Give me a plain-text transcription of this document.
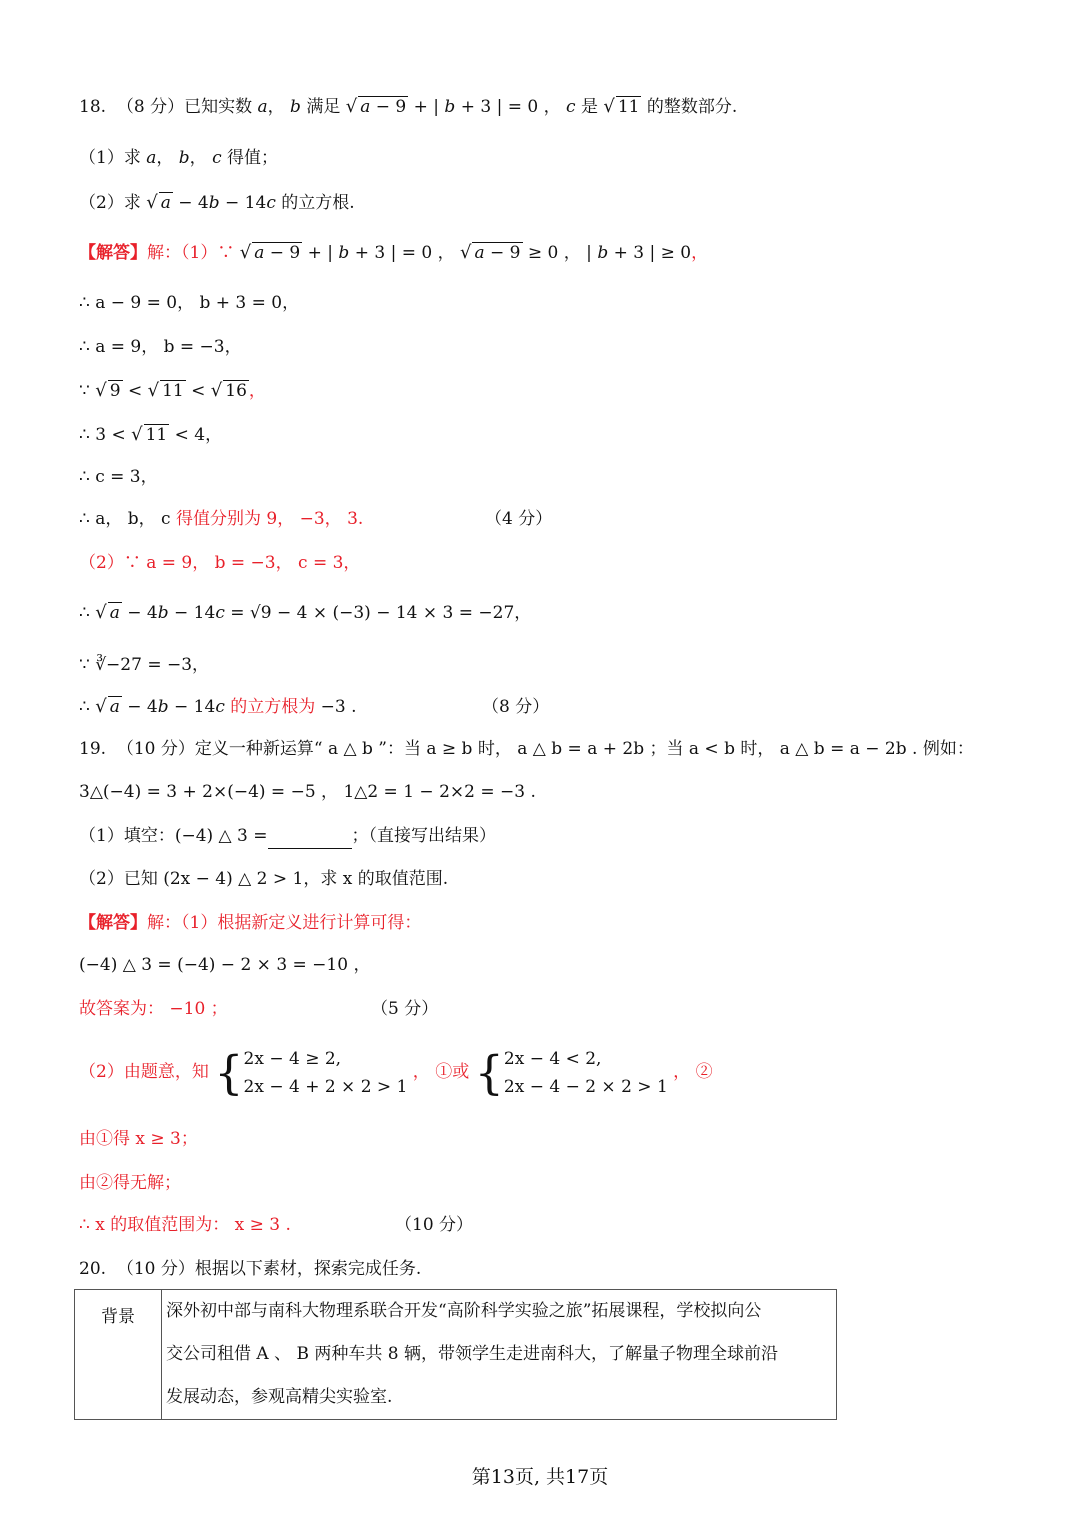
18.  （8 分）已知实数 a， b 满足 √ a − 9 + | b + 3 | = 0 ， c 是 √ 11 的整数部分.
（1）求 a， b， c 得值；
（2）求 √ a − 4b − 14c 的立方根.
【解答】解：（1）∵ √ a − 9 + | b + 3 | = 0 ， √ a − 9 ≥ 0 ， | b + 3 | ≥ 0，
∴ a − 9 = 0， b + 3 = 0，
∴ a = 9， b = −3，
∵ √ 9 < √ 11 < √ 16 ，
∴ 3 < √ 11 < 4，
∴ c = 3，
∴ a， b， c 得值分别为 9， −3， 3.	（4 分）
（2）∵ a = 9， b = −3， c = 3，
∴ √ a − 4b − 14c = √9 − 4 × (−3) − 14 × 3 = −27，
∵ ∛−27 = −3，
∴ √ a − 4b − 14c 的立方根为 −3 .	（8 分）
19.  （10 分）定义一种新运算“ a △ b ”：当 a ≥ b 时， a △ b = a + 2b ；当 a < b 时， a △ b = a − 2b . 例如：
3△(−4) = 3 + 2×(−4) = −5 ， 1△2 = 1 − 2×2 = −3 .
（1）填空：(−4) △ 3 =	；（直接写出结果）
（2）已知 (2x − 4) △ 2 > 1，求 x 的取值范围.
【解答】解：（1）根据新定义进行计算可得：
(−4) △ 3 = (−4) − 2 × 3 = −10 ，
故答案为： −10 ；	（5 分）
（2）由题意，知 {2x − 4 ≥ 2,
2x − 4 + 2 × 2 > 1 ， ①或 {2x − 4 < 2,
2x − 4 − 2 × 2 > 1 ， ②
由①得 x ≥ 3；
由②得无解；
∴ x 的取值范围为： x ≥ 3 .	（10 分）
20.  （10 分）根据以下素材，探索完成任务.
背景	深外初中部与南科大物理系联合开发“高阶科学实验之旅”拓展课程，学校拟向公
交公司租借 A 、 B 两种车共 8 辆，带领学生走进南科大，了解量子物理全球前沿
发展动态，参观高精尖实验室.
第13页, 共17页
